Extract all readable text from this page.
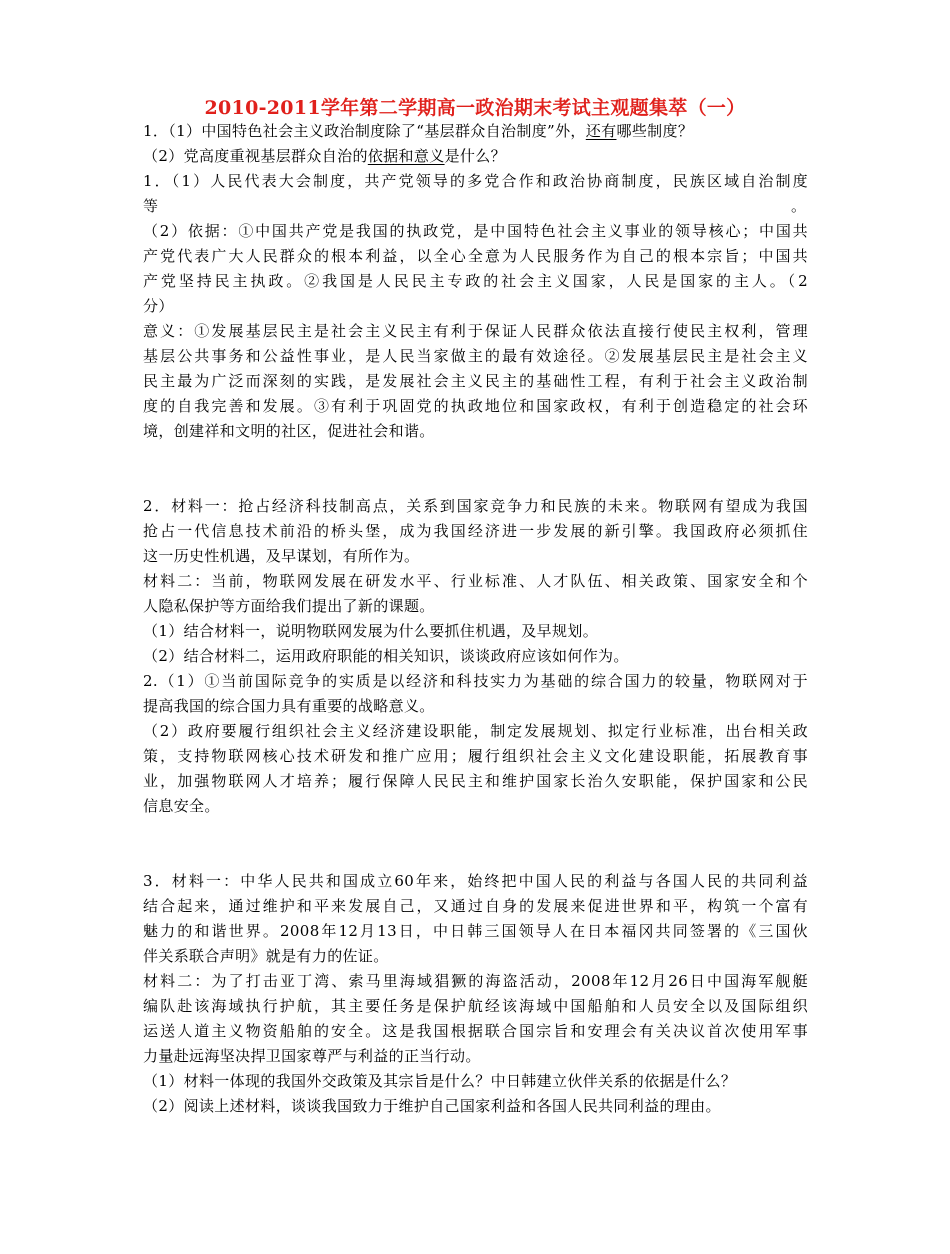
2010-2011学年第二学期高一政治期末考试主观题集萃（一）
1．（1）中国特色社会主义政治制度除了“基层群众自治制度”外，还有哪些制度？
（2）党高度重视基层群众自治的依据和意义是什么？
1．（1）人民代表大会制度，共产党领导的多党合作和政治协商制度，民族区域自治制度
等	。
（2）依据：①中国共产党是我国的执政党，是中国特色社会主义事业的领导核心；中国共
产党代表广大人民群众的根本利益，以全心全意为人民服务作为自己的根本宗旨；中国共
产党坚持民主执政。②我国是人民民主专政的社会主义国家，人民是国家的主人。（2
分）
意义：①发展基层民主是社会主义民主有利于保证人民群众依法直接行使民主权利，管理
基层公共事务和公益性事业，是人民当家做主的最有效途径。②发展基层民主是社会主义
民主最为广泛而深刻的实践，是发展社会主义民主的基础性工程，有利于社会主义政治制
度的自我完善和发展。③有利于巩固党的执政地位和国家政权，有利于创造稳定的社会环
境，创建祥和文明的社区，促进社会和谐。
2．材料一：抢占经济科技制高点，关系到国家竞争力和民族的未来。物联网有望成为我国
抢占一代信息技术前沿的桥头堡，成为我国经济进一步发展的新引擎。我国政府必须抓住
这一历史性机遇，及早谋划，有所作为。
材料二：当前，物联网发展在研发水平、行业标准、人才队伍、相关政策、国家安全和个
人隐私保护等方面给我们提出了新的课题。
（1）结合材料一，说明物联网发展为什么要抓住机遇，及早规划。
（2）结合材料二，运用政府职能的相关知识，谈谈政府应该如何作为。
2.（1）①当前国际竞争的实质是以经济和科技实力为基础的综合国力的较量，物联网对于
提高我国的综合国力具有重要的战略意义。
（2）政府要履行组织社会主义经济建设职能，制定发展规划、拟定行业标准，出台相关政
策，支持物联网核心技术研发和推广应用；履行组织社会主义文化建设职能，拓展教育事
业，加强物联网人才培养；履行保障人民民主和维护国家长治久安职能，保护国家和公民
信息安全。
3．材料一：中华人民共和国成立60年来，始终把中国人民的利益与各国人民的共同利益
结合起来，通过维护和平来发展自己，又通过自身的发展来促进世界和平，构筑一个富有
魅力的和谐世界。2008年12月13日，中日韩三国领导人在日本福冈共同签署的《三国伙
伴关系联合声明》就是有力的佐证。
材料二：为了打击亚丁湾、索马里海域猖獗的海盗活动，2008年12月26日中国海军舰艇
编队赴该海域执行护航，其主要任务是保护航经该海域中国船舶和人员安全以及国际组织
运送人道主义物资船舶的安全。这是我国根据联合国宗旨和安理会有关决议首次使用军事
力量赴远海坚决捍卫国家尊严与利益的正当行动。
（1）材料一体现的我国外交政策及其宗旨是什么？中日韩建立伙伴关系的依据是什么？
（2）阅读上述材料，谈谈我国致力于维护自己国家利益和各国人民共同利益的理由。
